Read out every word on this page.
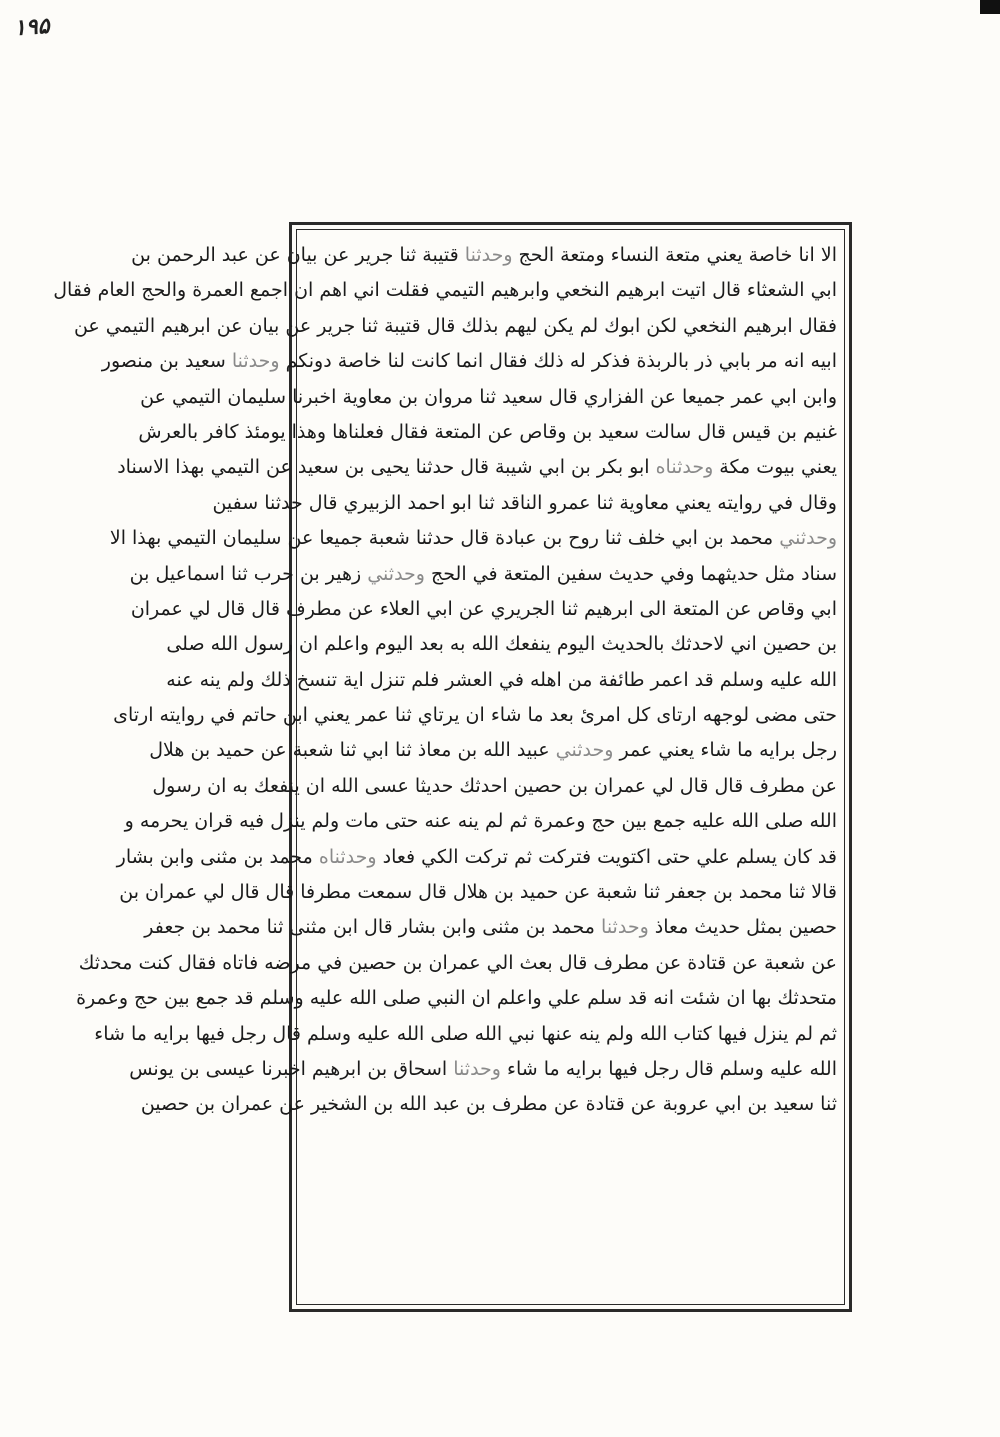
۱۹۵
الا انا خاصة يعني متعة النساء ومتعة الحج وحدثنا قتيبة ثنا جرير عن بيان عن عبد الرحمن بن
ابي الشعثاء قال اتيت ابرهيم النخعي وابرهيم التيمي فقلت اني اهم ان اجمع العمرة والحج العام فقال
فقال ابرهيم النخعي لكن ابوك لم يكن ليهم بذلك قال قتيبة ثنا جرير عن بيان عن ابرهيم التيمي عن
ابيه انه مر بابي ذر بالربذة فذكر له ذلك فقال انما كانت لنا خاصة دونكم وحدثنا سعيد بن منصور
وابن ابي عمر جميعا عن الفزاري قال سعيد ثنا مروان بن معاوية اخبرنا سليمان التيمي عن
غنيم بن قيس قال سالت سعيد بن وقاص عن المتعة فقال فعلناها وهذا يومئذ كافر بالعرش
يعني بيوت مكة وحدثناه ابو بكر بن ابي شيبة قال حدثنا يحيى بن سعيد عن التيمي بهذا الاسناد
وقال في روايته يعني معاوية ثنا عمرو الناقد ثنا ابو احمد الزبيري قال حدثنا سفين
وحدثني محمد بن ابي خلف ثنا روح بن عبادة قال حدثنا شعبة جميعا عن سليمان التيمي بهذا الا
سناد مثل حديثهما وفي حديث سفين المتعة في الحج وحدثني زهير بن حرب ثنا اسماعيل بن
ابي وقاص عن المتعة الى ابرهيم ثنا الجريري عن ابي العلاء عن مطرف قال قال لي عمران
بن حصين اني لاحدثك بالحديث اليوم ينفعك الله به بعد اليوم واعلم ان رسول الله صلى
الله عليه وسلم قد اعمر طائفة من اهله في العشر فلم تنزل اية تنسخ ذلك ولم ينه عنه
حتى مضى لوجهه ارتاى كل امرئ بعد ما شاء ان يرتاي ثنا عمر يعني ابن حاتم في روايته ارتاى
رجل برايه ما شاء يعني عمر وحدثني عبيد الله بن معاذ ثنا ابي ثنا شعبة عن حميد بن هلال
عن مطرف قال قال لي عمران بن حصين احدثك حديثا عسى الله ان ينفعك به ان رسول
الله صلى الله عليه جمع بين حج وعمرة ثم لم ينه عنه حتى مات ولم ينزل فيه قران يحرمه و
قد كان يسلم علي حتى اكتويت فتركت ثم تركت الكي فعاد وحدثناه محمد بن مثنى وابن بشار
قالا ثنا محمد بن جعفر ثنا شعبة عن حميد بن هلال قال سمعت مطرفا قال قال لي عمران بن
حصين بمثل حديث معاذ وحدثنا محمد بن مثنى وابن بشار قال ابن مثنى ثنا محمد بن جعفر
عن شعبة عن قتادة عن مطرف قال بعث الي عمران بن حصين في مرضه فاتاه فقال كنت محدثك
متحدثك بها ان شئت انه قد سلم علي واعلم ان النبي صلى الله عليه وسلم قد جمع بين حج وعمرة
ثم لم ينزل فيها كتاب الله ولم ينه عنها نبي الله صلى الله عليه وسلم قال رجل فيها برايه ما شاء
الله عليه وسلم قال رجل فيها برايه ما شاء وحدثنا اسحاق بن ابرهيم اخبرنا عيسى بن يونس
ثنا سعيد بن ابي عروبة عن قتادة عن مطرف بن عبد الله بن الشخير عن عمران بن حصين
